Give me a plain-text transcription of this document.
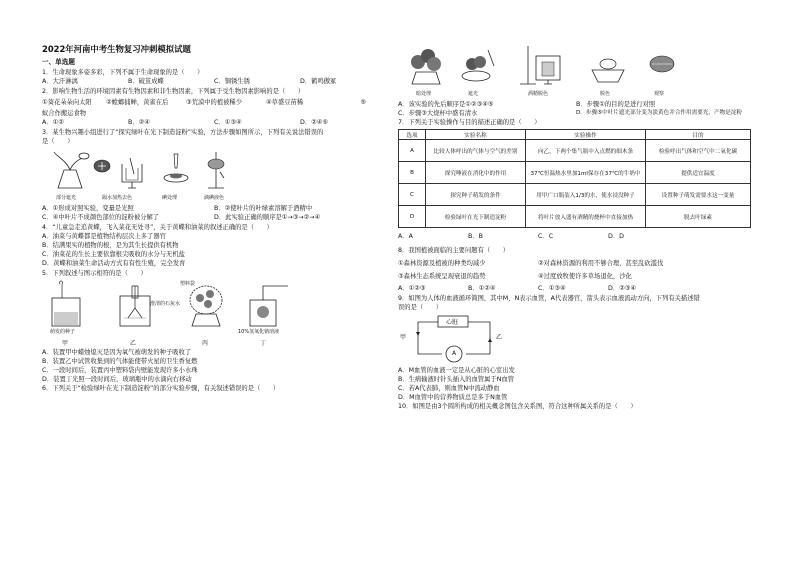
2022年河南中考生物复习冲刺模拟试题
一、单选题
1．生命现象多姿多彩，下列不属于生命现象的是（　　）
A．大汗淋漓	B．破茧成蝶	C．铜锈生锈	D．鹤鸣傲冢
2．影响生物生活的环境因素有生物因素和非生物因素，下列属于受生物因素影响的是（　　）
①葵花朵朵向太阳	②螳螂捕蝉，黄雀在后	③荒漠中的植被稀少	④草盛豆苗稀	⑤
蚁合作搬运食物
A．①②	B．②④	C．①③④	D．②④⑤
3．某生物兴趣小组进行了“探究绿叶在光下制造淀粉”实验，方法步骤如图所示，下列有关说法错误的
是（　　）
部分遮光	隔水加热去色	碘处理	滴碘液色
A．①形成对照实验，变量是光照	B．②使叶片的叶绿素溶解于酒精中
C．④中叶片不成颜色部位的淀粉被分解了	D．此实验正确的顺序是①→③→②→④
4．“儿童急走追黄蝶，飞入菜花无处寻”，关于黄蝶和油菜的叙述正确的是（　　）
A．油菜与黄蝶都是植物结构层次上多了器官
B．结满果实的植物的根，是为其生长提供有机物
C．油菜花的生长主要依靠根尖吸收的水分与无机盐
D．黄蝶和油菜生命活动方式有有性生殖，完全发育
5．下列叙述与图示相符的是（　　）
萌发的种子
澄清的石灰水
塑料袋
10%氢氧化钠溶液
甲	乙	丙	丁
A．装置甲中蜡烛熄灭是因为氧气被萌发的种子吸收了
B．装置乙中试管收集到的气体能使带火星的卫生香复燃
C．一段时间后，装置丙中塑料袋内壁能发现许多小水珠
D．装置丁光照一段时间后，玻璃瓶中的水滴向右移动
6．下列关于“检验绿叶在光下制造淀粉”的部分实验步骤，有关叙述错误的是（　　）
暗处理	遮光	酒精脱色	脱色	观察
A．该实验的先后顺序是①②③④⑤	B．步骤①的目的是进行对照
C．步骤③大烧杯中盛有清水	D．步骤⑤中叶片遮光部分变为淡黄色并合作用需要光，产物是淀粉
7．下列关于实验操作与目的描述正确的是（　　）
选项	实验名称	实验操作	目的
A	比较人体呼出的气体与空气的差别	向乙，下两个集气瓶中入点燃的细木条	检验呼出气体和空气中二氧化碳
B	探究唾液在消化中的作用	37℃恒温热水里加1ml保存在37℃的牛奶中	提供适宜温度
C	探究种子萌发的条件	用甲广口瓶装入1/3的水，使水浸没种子	设置种子萌发需要水这一变量
D	检验绿叶在光下制造淀粉	将叶片放入盛有酒精的烧杯中直接加热	脱去叶绿素
A．A	B．B	C．C	D．D
8．我国植被面临的主要问题有（　　）
①森林资源及植被的种类均减少	②对森林资源的利用不够合理，甚至乱砍滥伐
③森林生态系统呈现衰退的趋势	④过度放牧使许多草场退化，沙化
A．①②③	B．①②④	C．①③④	D．②③④
9．如图为人体的血液循环简图，其中M、N表示血管，A代表器官，箭头表示血液流动方向，下列有关描述错
误的是（　　）
心脏
甲	乙
A
A．M血管的血液一定是从心脏的心室出发
B．生病输液时针头插入的血管属于N血管
C．若A代表肺，则血管N中流动静血
D．M血管中的营养物质总是多于N血管
10．如图是由3个圆所构成的相关概念图包含关系图，符合这种所属关系的是（　　）
